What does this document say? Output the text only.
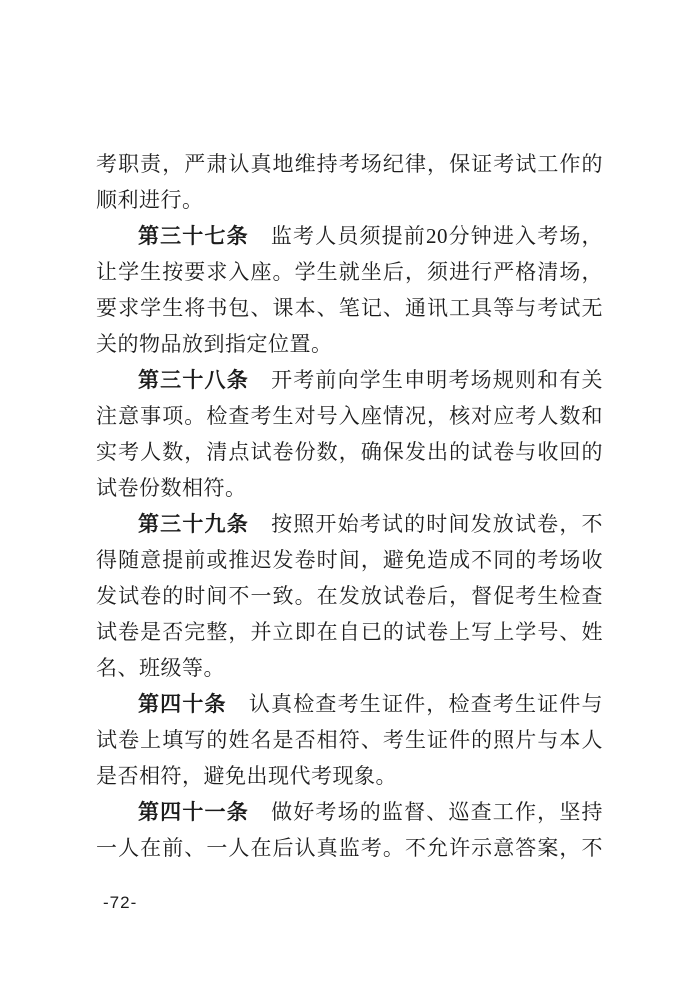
考职责，严肃认真地维持考场纪律，保证考试工作的
顺利进行。
第三十七条　 监考人员须提前20分钟进入考场，
让学生按要求入座。学生就坐后，须进行严格清场，
要求学生将书包、课本、笔记、通讯工具等与考试无
关的物品放到指定位置。
第三十八条　 开考前向学生申明考场规则和有关
注意事项。检查考生对号入座情况，核对应考人数和
实考人数，清点试卷份数，确保发出的试卷与收回的
试卷份数相符。
第三十九条　 按照开始考试的时间发放试卷，不
得随意提前或推迟发卷时间，避免造成不同的考场收
发试卷的时间不一致。在发放试卷后，督促考生检查
试卷是否完整，并立即在自已的试卷上写上学号、姓
名、班级等。
第四十条　 认真检查考生证件，检查考生证件与
试卷上填写的姓名是否相符、考生证件的照片与本人
是否相符，避免出现代考现象。
第四十一条　 做好考场的监督、巡查工作，坚持
一人在前、一人在后认真监考。不允许示意答案，不
-72-
